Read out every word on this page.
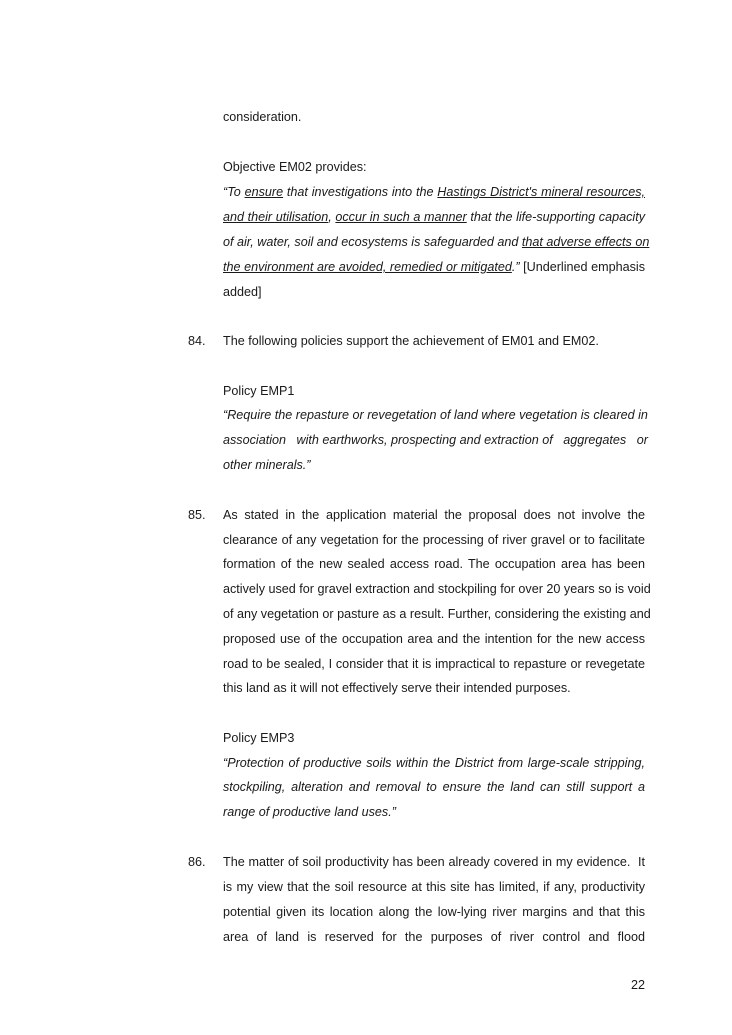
consideration.
Objective EM02 provides:
“To ensure that investigations into the Hastings District's mineral resources,
and their utilisation, occur in such a manner that the life-supporting capacity
of air, water, soil and ecosystems is safeguarded and that adverse effects on
the environment are avoided, remedied or mitigated.” [Underlined emphasis
added]
84. The following policies support the achievement of EM01 and EM02.
Policy EMP1
“Require the repasture or revegetation of land where vegetation is cleared in
association   with earthworks, prospecting and extraction of   aggregates   or
other minerals.”
85. As stated in the application material the proposal does not involve the
clearance of any vegetation for the processing of river gravel or to facilitate
formation of the new sealed access road. The occupation area has been
actively used for gravel extraction and stockpiling for over 20 years so is void
of any vegetation or pasture as a result. Further, considering the existing and
proposed use of the occupation area and the intention for the new access
road to be sealed, I consider that it is impractical to repasture or revegetate
this land as it will not effectively serve their intended purposes.
Policy EMP3
“Protection of productive soils within the District from large-scale stripping,
stockpiling, alteration and removal to ensure the land can still support a
range of productive land uses.”
86. The matter of soil productivity has been already covered in my evidence.  It
is my view that the soil resource at this site has limited, if any, productivity
potential given its location along the low-lying river margins and that this
area of land is reserved for the purposes of river control and flood
22
